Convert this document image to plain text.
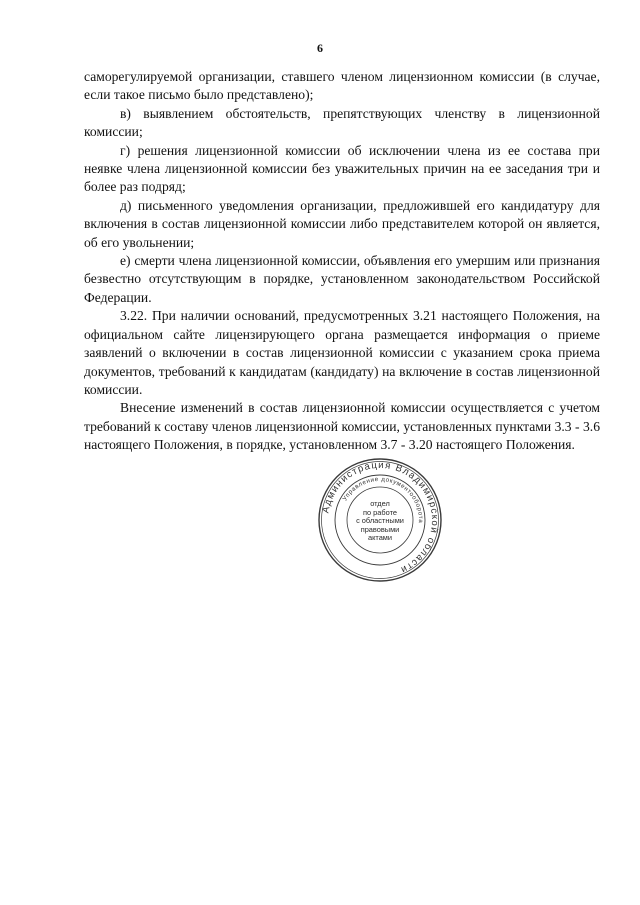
6

саморегулируемой организации, ставшего членом лицензионном комиссии (в случае, если такое письмо было представлено);

в) выявлением обстоятельств, препятствующих членству в лицензионной комиссии;

г) решения лицензионной комиссии об исключении члена из ее состава при неявке члена лицензионной комиссии без уважительных причин на ее заседания три и более раз подряд;

д) письменного уведомления организации, предложившей его кандидатуру для включения в состав лицензионной комиссии либо представителем которой он является, об его увольнении;

е) смерти члена лицензионной комиссии, объявления его умершим или признания безвестно отсутствующим в порядке, установленном законодательством Российской Федерации.

3.22. При наличии оснований, предусмотренных 3.21 настоящего Положения, на официальном сайте лицензирующего органа размещается информация о приеме заявлений о включении в состав лицензионной комиссии с указанием срока приема документов, требований к кандидатам (кандидату) на включение в состав лицензионной комиссии.

Внесение изменений в состав лицензионной комиссии осуществляется с учетом требований к составу членов лицензионной комиссии, установленных пунктами 3.3 - 3.6 настоящего Положения, в порядке, установленном 3.7 - 3.20 настоящего Положения.

Администрация Владимирской области
Управление документооборота
отдел
по работе
с областными
правовыми
актами
